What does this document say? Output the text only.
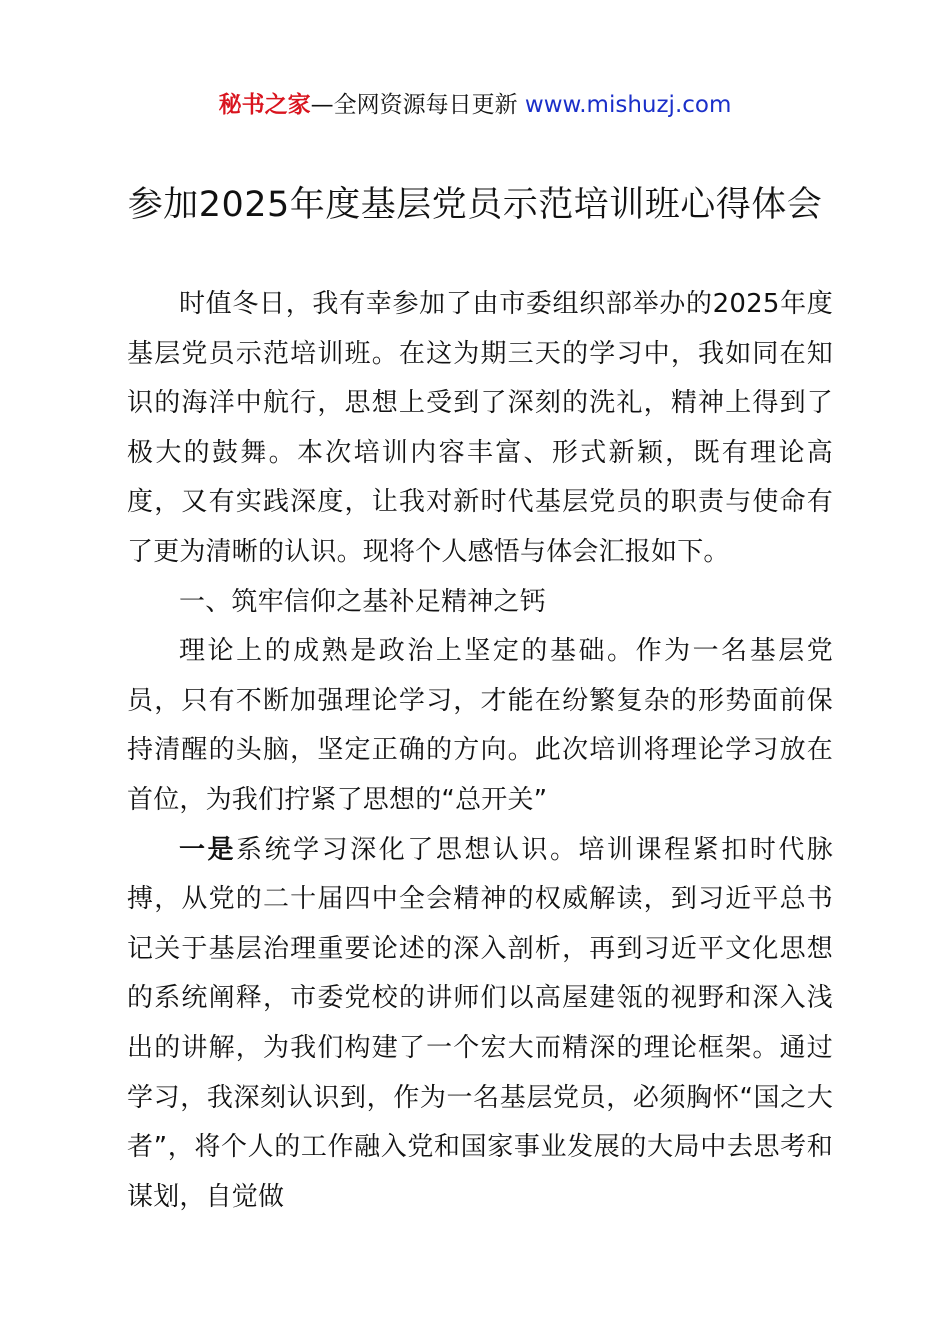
秘书之家—全网资源每日更新 www.mishuzj.com
参加2025年度基层党员示范培训班心得体会

时值冬日，我有幸参加了由市委组织部举办的2025年度基层党员示范培训班。在这为期三天的学习中，我如同在知识的海洋中航行，思想上受到了深刻的洗礼，精神上得到了极大的鼓舞。本次培训内容丰富、形式新颖，既有理论高度，又有实践深度，让我对新时代基层党员的职责与使命有了更为清晰的认识。现将个人感悟与体会汇报如下。

一、筑牢信仰之基补足精神之钙

理论上的成熟是政治上坚定的基础。作为一名基层党员，只有不断加强理论学习，才能在纷繁复杂的形势面前保持清醒的头脑，坚定正确的方向。此次培训将理论学习放在首位，为我们拧紧了思想的“总开关”

一是系统学习深化了思想认识。培训课程紧扣时代脉搏，从党的二十届四中全会精神的权威解读，到习近平总书记关于基层治理重要论述的深入剖析，再到习近平文化思想的系统阐释，市委党校的讲师们以高屋建瓴的视野和深入浅出的讲解，为我们构建了一个宏大而精深的理论框架。通过学习，我深刻认识到，作为一名基层党员，必须胸怀“国之大者”，将个人的工作融入党和国家事业发展的大局中去思考和谋划，自觉做
